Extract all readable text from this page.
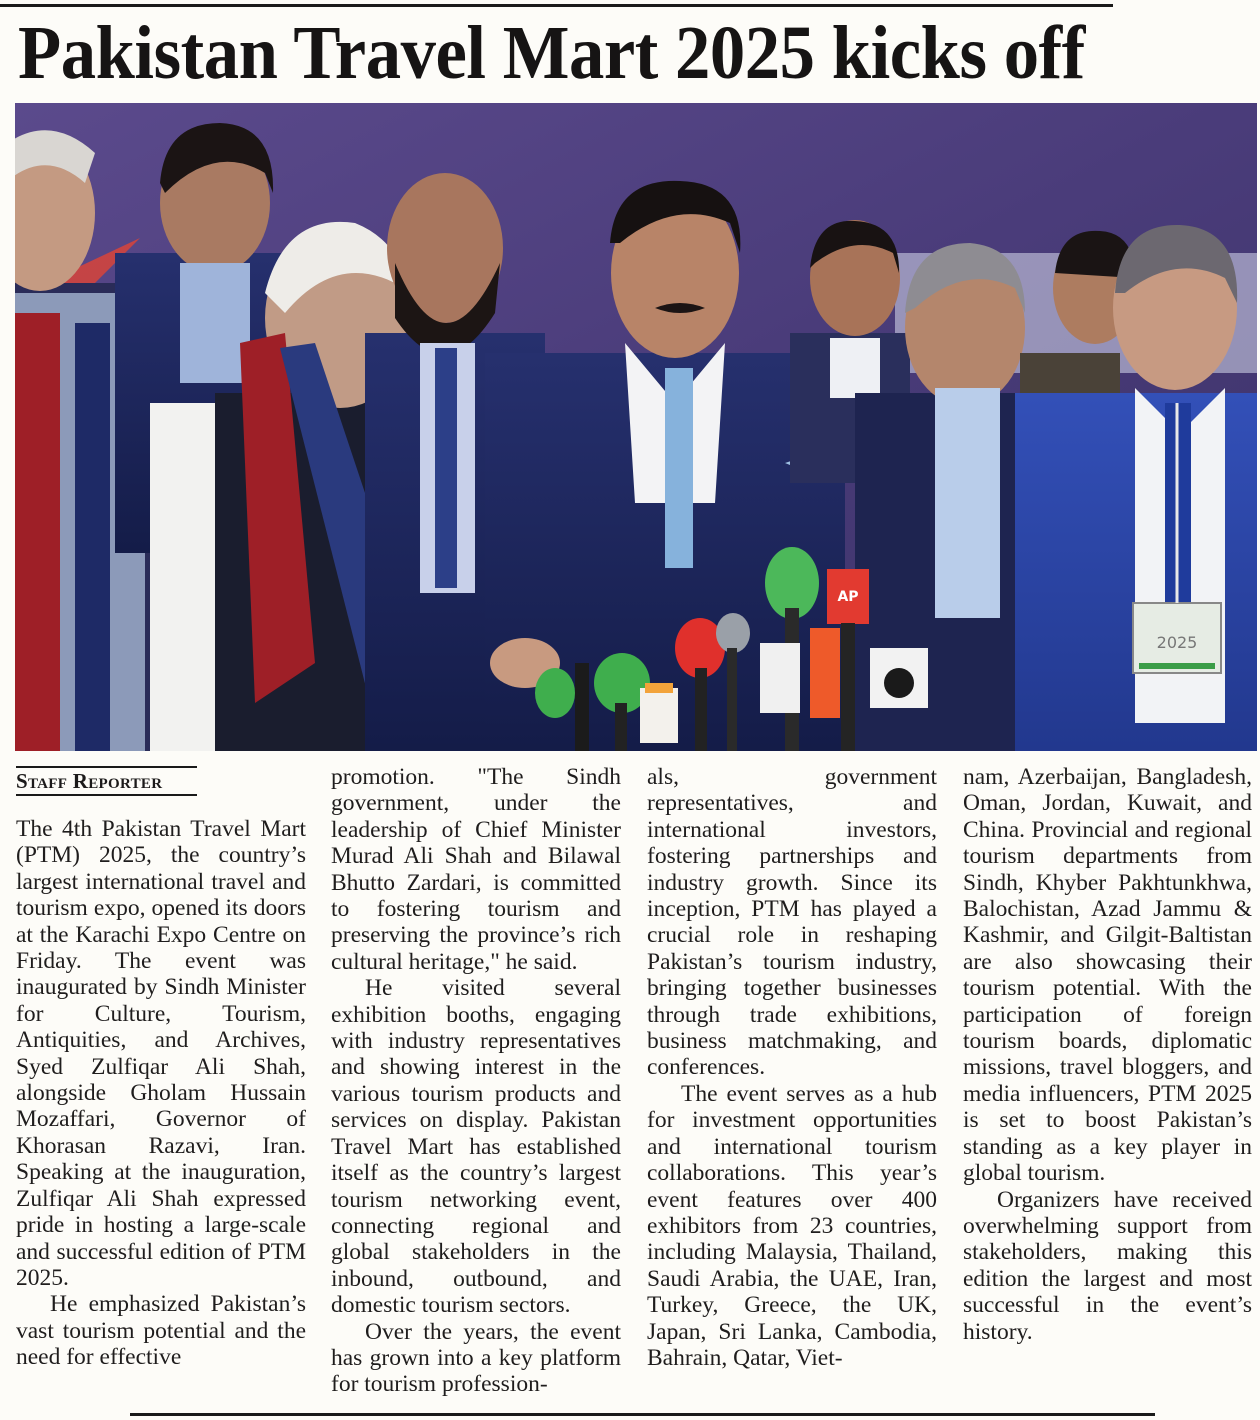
Pakistan Travel Mart 2025 kicks off
2025
AP
Staff Reporter

The 4th Pakistan Travel Mart (PTM) 2025, the country’s largest international travel and tourism expo, opened its doors at the Karachi Expo Centre on Friday. The event was inaugurated by Sindh Minister for Culture, Tourism, Antiquities, and Archives, Syed Zulfiqar Ali Shah, alongside Gholam Hussain Mozaffari, Governor of Khorasan Razavi, Iran. Speaking at the inauguration, Zulfiqar Ali Shah expressed pride in hosting a large-scale and successful edition of PTM 2025.

He emphasized Pakistan’s vast tourism potential and the need for effective

promotion. "The Sindh government, under the leadership of Chief Minister Murad Ali Shah and Bilawal Bhutto Zardari, is committed to fostering tourism and preserving the province’s rich cultural heritage," he said.

He visited several exhibition booths, engaging with industry representatives and showing interest in the various tourism products and services on display. Pakistan Travel Mart has established itself as the country’s largest tourism networking event, connecting regional and global stakeholders in the inbound, outbound, and domestic tourism sectors.

Over the years, the event has grown into a key platform for tourism profession-

als, government representatives, and international investors, fostering partnerships and industry growth. Since its inception, PTM has played a crucial role in reshaping Pakistan’s tourism industry, bringing together businesses through trade exhibitions, business matchmaking, and conferences.

The event serves as a hub for investment opportunities and international tourism collaborations. This year’s event features over 400 exhibitors from 23 countries, including Malaysia, Thailand, Saudi Arabia, the UAE, Iran, Turkey, Greece, the UK, Japan, Sri Lanka, Cambodia, Bahrain, Qatar, Viet-

nam, Azerbaijan, Bangladesh, Oman, Jordan, Kuwait, and China. Provincial and regional tourism departments from Sindh, Khyber Pakhtunkhwa, Balochistan, Azad Jammu & Kashmir, and Gilgit-Baltistan are also showcasing their tourism potential. With the participation of foreign tourism boards, diplomatic missions, travel bloggers, and media influencers, PTM 2025 is set to boost Pakistan’s standing as a key player in global tourism.

Organizers have received overwhelming support from stakeholders, making this edition the largest and most successful in the event’s history.
